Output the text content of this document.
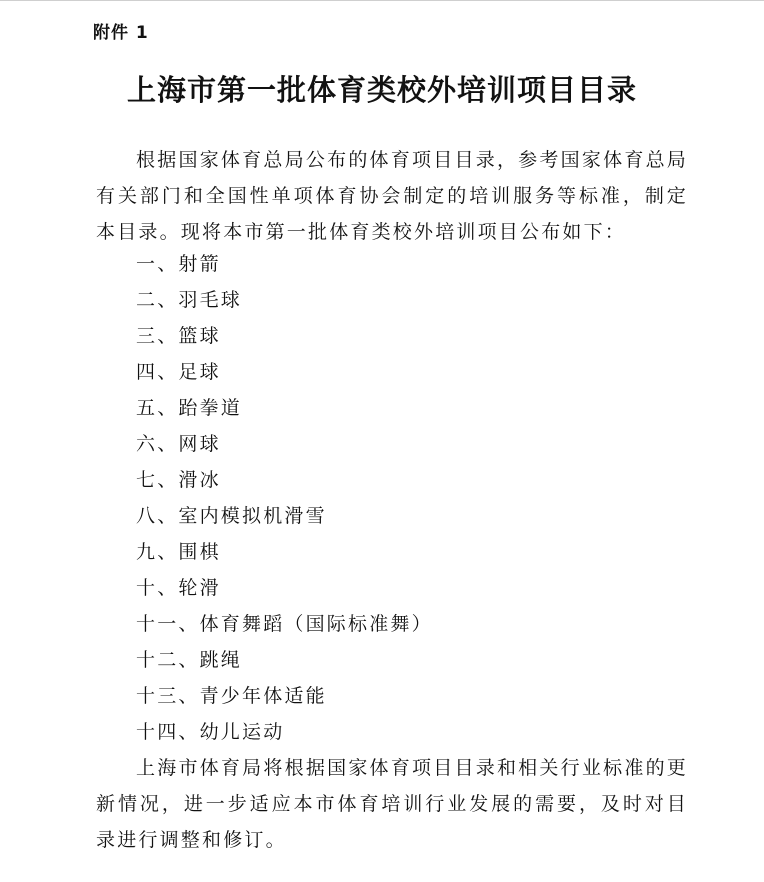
附件 1
上海市第一批体育类校外培训项目目录

根据国家体育总局公布的体育项目目录，参考国家体育总局有关部门和全国性单项体育协会制定的培训服务等标准，制定本目录。现将本市第一批体育类校外培训项目公布如下：

一、射箭
二、羽毛球
三、篮球
四、足球
五、跆拳道
六、网球
七、滑冰
八、室内模拟机滑雪
九、围棋
十、轮滑
十一、体育舞蹈（国际标准舞）
十二、跳绳
十三、青少年体适能
十四、幼儿运动

上海市体育局将根据国家体育项目目录和相关行业标准的更新情况，进一步适应本市体育培训行业发展的需要，及时对目录进行调整和修订。
